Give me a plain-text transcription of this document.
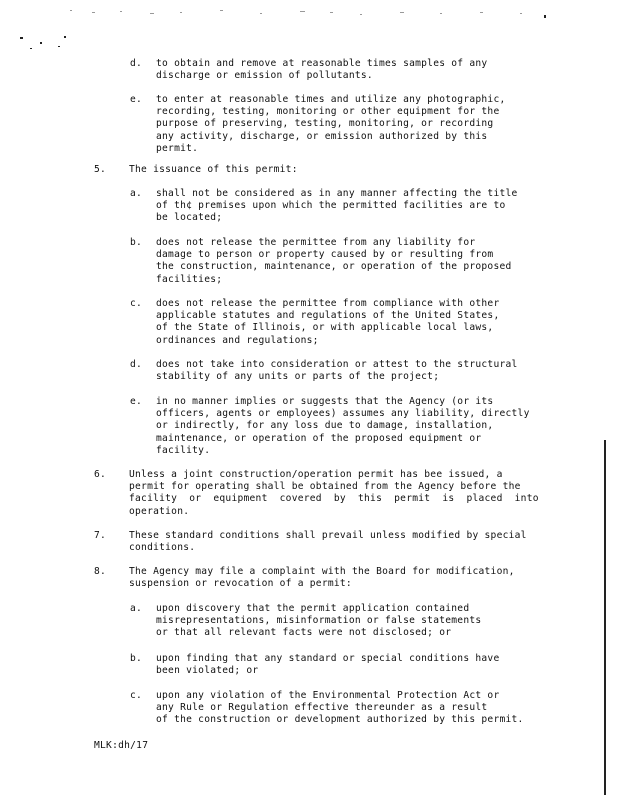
d.

to obtain and remove at reasonable times samples of any
discharge or emission of pollutants.

e.

to enter at reasonable times and utilize any photographic,
recording, testing, monitoring or other equipment for the
purpose of preserving, testing, monitoring, or recording
any activity, discharge, or emission authorized by this
permit.

5.

The issuance of this permit:

a.

shall not be considered as in any manner affecting the title
of th¢ premises upon which the permitted facilities are to
be located;

b.

does not release the permittee from any liability for
damage to person or property caused by or resulting from
the construction, maintenance, or operation of the proposed
facilities;

c.

does not release the permittee from compliance with other
applicable statutes and regulations of the United States,
of the State of Illinois, or with applicable local laws,
ordinances and regulations;

d.

does not take into consideration or attest to the structural
stability of any units or parts of the project;

e.

in no manner implies or suggests that the Agency (or its
officers, agents or employees) assumes any liability, directly
or indirectly, for any loss due to damage, installation,
maintenance, or operation of the proposed equipment or
facility.

6.

Unless a joint construction/operation permit has bee issued, a
permit for operating shall be obtained from the Agency before the
facility  or  equipment  covered  by  this  permit  is  placed  into
operation.

7.

These standard conditions shall prevail unless modified by special
conditions.

8.

The Agency may file a complaint with the Board for modification,
suspension or revocation of a permit:

a.

upon discovery that the permit application contained
misrepresentations, misinformation or false statements
or that all relevant facts were not disclosed; or

b.

upon finding that any standard or special conditions have
been violated; or

c.

upon any violation of the Environmental Protection Act or
any Rule or Regulation effective thereunder as a result
of the construction or development authorized by this permit.

MLK:dh/17
